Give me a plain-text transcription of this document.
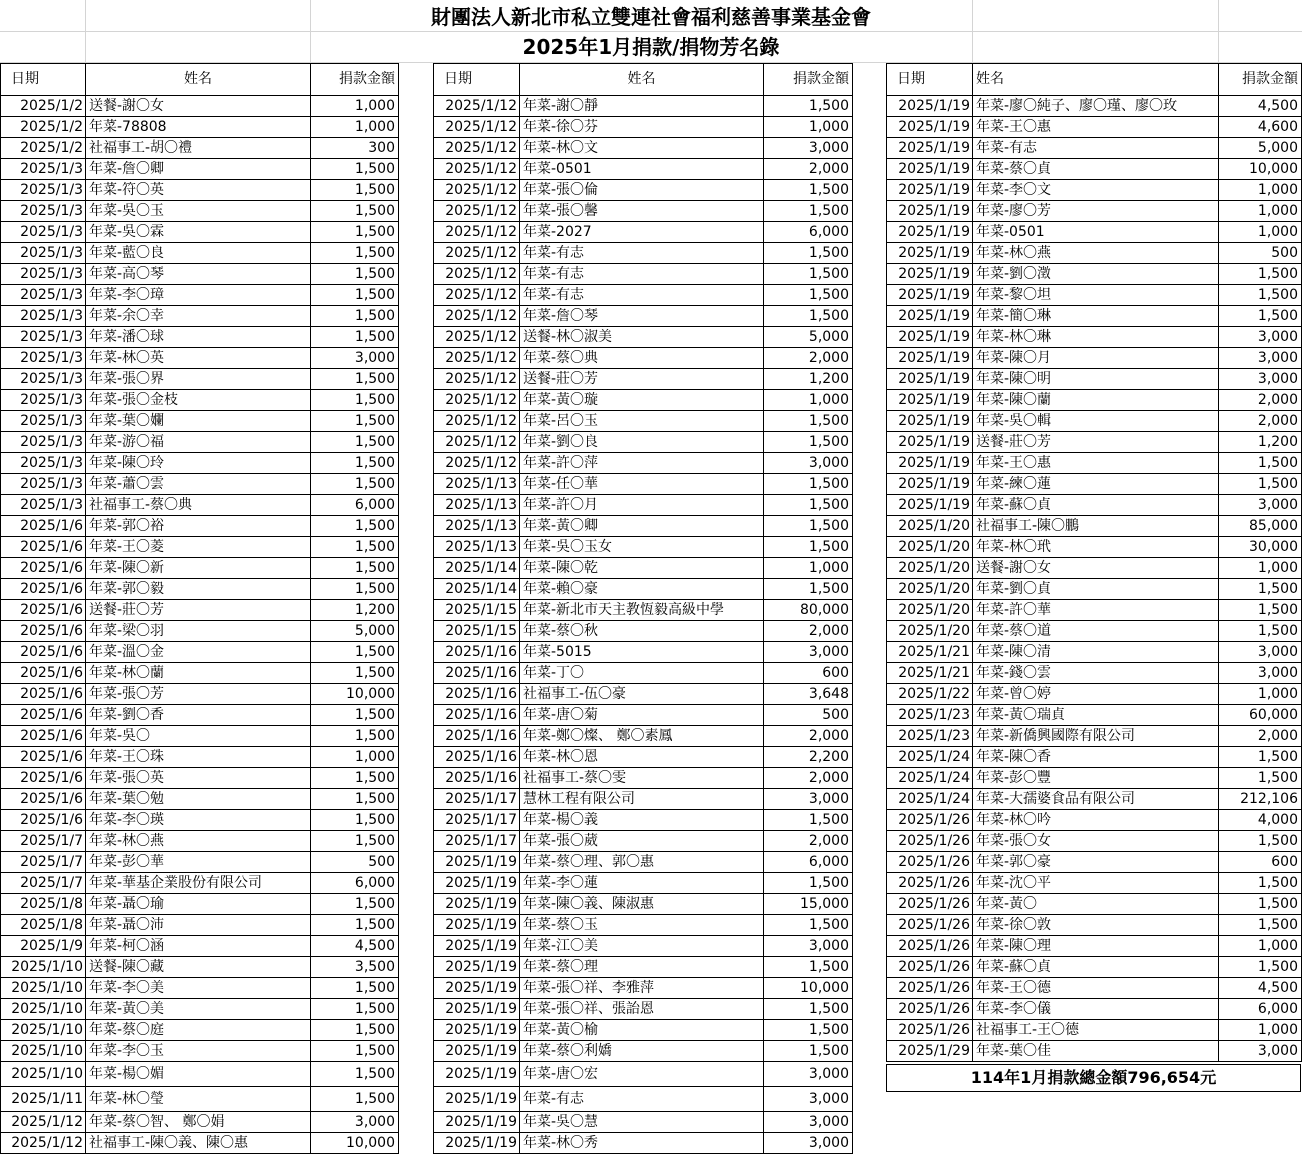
財團法人新北市私立雙連社會福利慈善事業基金會
2025年1月捐款/捐物芳名錄
日期	姓名	捐款金額
2025/1/2	送餐-謝〇女	1,000
2025/1/2	年菜-78808	1,000
2025/1/2	社福事工-胡〇禮	300
2025/1/3	年菜-詹〇卿	1,500
2025/1/3	年菜-符〇英	1,500
2025/1/3	年菜-吳〇玉	1,500
2025/1/3	年菜-吳〇霖	1,500
2025/1/3	年菜-藍〇良	1,500
2025/1/3	年菜-高〇琴	1,500
2025/1/3	年菜-李〇璋	1,500
2025/1/3	年菜-余〇幸	1,500
2025/1/3	年菜-潘〇球	1,500
2025/1/3	年菜-林〇英	3,000
2025/1/3	年菜-張〇界	1,500
2025/1/3	年菜-張〇金枝	1,500
2025/1/3	年菜-葉〇孄	1,500
2025/1/3	年菜-游〇福	1,500
2025/1/3	年菜-陳〇玲	1,500
2025/1/3	年菜-蕭〇雲	1,500
2025/1/3	社福事工-蔡〇典	6,000
2025/1/6	年菜-郭〇裕	1,500
2025/1/6	年菜-王〇菱	1,500
2025/1/6	年菜-陳〇新	1,500
2025/1/6	年菜-郭〇毅	1,500
2025/1/6	送餐-莊〇芳	1,200
2025/1/6	年菜-梁〇羽	5,000
2025/1/6	年菜-溫〇金	1,500
2025/1/6	年菜-林〇蘭	1,500
2025/1/6	年菜-張〇芳	10,000
2025/1/6	年菜-劉〇香	1,500
2025/1/6	年菜-吳〇	1,500
2025/1/6	年菜-王〇珠	1,000
2025/1/6	年菜-張〇英	1,500
2025/1/6	年菜-葉〇勉	1,500
2025/1/6	年菜-李〇瑛	1,500
2025/1/7	年菜-林〇燕	1,500
2025/1/7	年菜-彭〇華	500
2025/1/7	年菜-華基企業股份有限公司	6,000
2025/1/8	年菜-聶〇瑜	1,500
2025/1/8	年菜-聶〇沛	1,500
2025/1/9	年菜-柯〇涵	4,500
2025/1/10	送餐-陳〇藏	3,500
2025/1/10	年菜-李〇美	1,500
2025/1/10	年菜-黃〇美	1,500
2025/1/10	年菜-蔡〇庭	1,500
2025/1/10	年菜-李〇玉	1,500
2025/1/10	年菜-楊〇媚	1,500
2025/1/11	年菜-林〇瑩	1,500
2025/1/12	年菜-蔡〇智、 鄭〇娟	3,000
2025/1/12	社福事工-陳〇義、陳〇惠	10,000
日期	姓名	捐款金額
2025/1/12	年菜-謝〇靜	1,500
2025/1/12	年菜-徐〇芬	1,000
2025/1/12	年菜-林〇文	3,000
2025/1/12	年菜-0501	2,000
2025/1/12	年菜-張〇倫	1,500
2025/1/12	年菜-張〇馨	1,500
2025/1/12	年菜-2027	6,000
2025/1/12	年菜-有志	1,500
2025/1/12	年菜-有志	1,500
2025/1/12	年菜-有志	1,500
2025/1/12	年菜-詹〇琴	1,500
2025/1/12	送餐-林〇淑美	5,000
2025/1/12	年菜-蔡〇典	2,000
2025/1/12	送餐-莊〇芳	1,200
2025/1/12	年菜-黃〇璇	1,000
2025/1/12	年菜-呂〇玉	1,500
2025/1/12	年菜-劉〇良	1,500
2025/1/12	年菜-許〇萍	3,000
2025/1/13	年菜-任〇華	1,500
2025/1/13	年菜-許〇月	1,500
2025/1/13	年菜-黃〇卿	1,500
2025/1/13	年菜-吳〇玉女	1,500
2025/1/14	年菜-陳〇乾	1,000
2025/1/14	年菜-賴〇豪	1,500
2025/1/15	年菜-新北市天主教恆毅高級中學	80,000
2025/1/15	年菜-蔡〇秋	2,000
2025/1/16	年菜-5015	3,000
2025/1/16	年菜-丁〇	600
2025/1/16	社福事工-伍〇豪	3,648
2025/1/16	年菜-唐〇菊	500
2025/1/16	年菜-鄭〇燦、 鄭〇素鳳	2,000
2025/1/16	年菜-林〇恩	2,200
2025/1/16	社福事工-蔡〇雯	2,000
2025/1/17	慧林工程有限公司	3,000
2025/1/17	年菜-楊〇義	1,500
2025/1/17	年菜-張〇葳	2,000
2025/1/19	年菜-蔡〇理、郭〇惠	6,000
2025/1/19	年菜-李〇蓮	1,500
2025/1/19	年菜-陳〇義、陳淑惠	15,000
2025/1/19	年菜-蔡〇玉	1,500
2025/1/19	年菜-江〇美	3,000
2025/1/19	年菜-蔡〇理	1,500
2025/1/19	年菜-張〇祥、李雅萍	10,000
2025/1/19	年菜-張〇祥、張詒恩	1,500
2025/1/19	年菜-黃〇榆	1,500
2025/1/19	年菜-蔡〇利嬌	1,500
2025/1/19	年菜-唐〇宏	3,000
2025/1/19	年菜-有志	3,000
2025/1/19	年菜-吳〇慧	3,000
2025/1/19	年菜-林〇秀	3,000
日期	姓名	捐款金額
2025/1/19	年菜-廖〇純子、廖〇瑾、廖〇玫	4,500
2025/1/19	年菜-王〇惠	4,600
2025/1/19	年菜-有志	5,000
2025/1/19	年菜-蔡〇貞	10,000
2025/1/19	年菜-李〇文	1,000
2025/1/19	年菜-廖〇芳	1,000
2025/1/19	年菜-0501	1,000
2025/1/19	年菜-林〇燕	500
2025/1/19	年菜-劉〇澂	1,500
2025/1/19	年菜-黎〇坦	1,500
2025/1/19	年菜-簡〇琳	1,500
2025/1/19	年菜-林〇琳	3,000
2025/1/19	年菜-陳〇月	3,000
2025/1/19	年菜-陳〇明	3,000
2025/1/19	年菜-陳〇蘭	2,000
2025/1/19	年菜-吳〇輯	2,000
2025/1/19	送餐-莊〇芳	1,200
2025/1/19	年菜-王〇惠	1,500
2025/1/19	年菜-練〇蓮	1,500
2025/1/19	年菜-蘇〇貞	3,000
2025/1/20	社福事工-陳〇鵬	85,000
2025/1/20	年菜-林〇玳	30,000
2025/1/20	送餐-謝〇女	1,000
2025/1/20	年菜-劉〇貞	1,500
2025/1/20	年菜-許〇華	1,500
2025/1/20	年菜-蔡〇道	1,500
2025/1/21	年菜-陳〇清	3,000
2025/1/21	年菜-錢〇雲	3,000
2025/1/22	年菜-曾〇婷	1,000
2025/1/23	年菜-黃〇瑞貞	60,000
2025/1/23	年菜-新僑興國際有限公司	2,000
2025/1/24	年菜-陳〇香	1,500
2025/1/24	年菜-彭〇豐	1,500
2025/1/24	年菜-大孺婆食品有限公司	212,106
2025/1/26	年菜-林〇吟	4,000
2025/1/26	年菜-張〇女	1,500
2025/1/26	年菜-郭〇豪	600
2025/1/26	年菜-沈〇平	1,500
2025/1/26	年菜-黃〇	1,500
2025/1/26	年菜-徐〇敦	1,500
2025/1/26	年菜-陳〇理	1,000
2025/1/26	年菜-蘇〇貞	1,500
2025/1/26	年菜-王〇德	4,500
2025/1/26	年菜-李〇儀	6,000
2025/1/26	社福事工-王〇德	1,000
2025/1/29	年菜-葉〇佳	3,000
114年1月捐款總金額796,654元
